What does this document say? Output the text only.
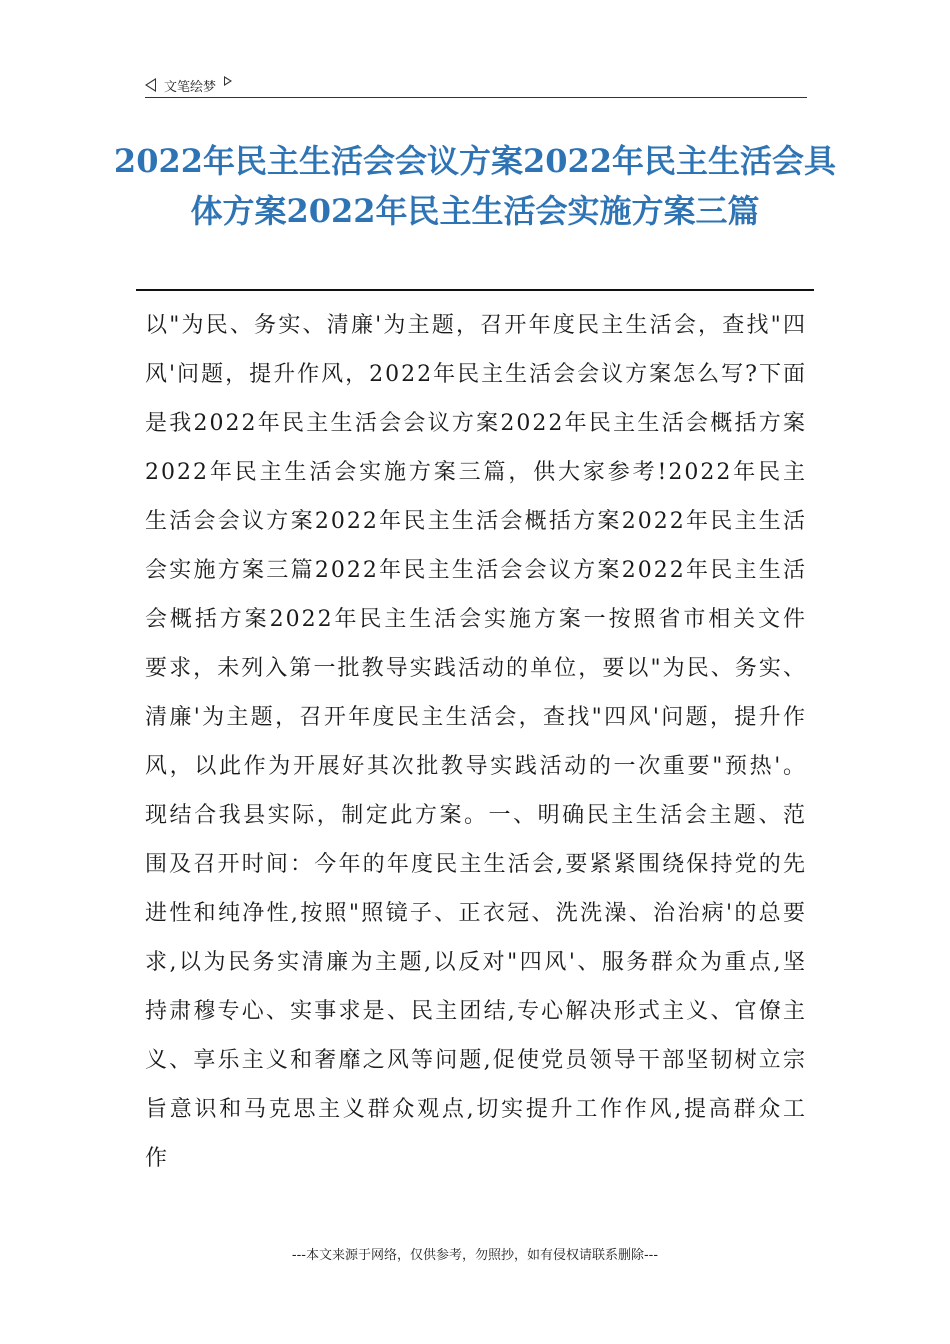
文笔绘梦
2022年民主生活会会议方案2022年民主生活会具体方案2022年民主生活会实施方案三篇
以"为民、务实、清廉'为主题，召开年度民主生活会，查找"四风'问题，提升作风，2022年民主生活会会议方案怎么写?下面是我2022年民主生活会会议方案2022年民主生活会概括方案2022年民主生活会实施方案三篇，供大家参考!2022年民主生活会会议方案2022年民主生活会概括方案2022年民主生活会实施方案三篇2022年民主生活会会议方案2022年民主生活会概括方案2022年民主生活会实施方案一按照省市相关文件要求，未列入第一批教导实践活动的单位，要以"为民、务实、清廉'为主题，召开年度民主生活会，查找"四风'问题，提升作风，以此作为开展好其次批教导实践活动的一次重要"预热'。现结合我县实际，制定此方案。一、明确民主生活会主题、范围及召开时间：今年的年度民主生活会,要紧紧围绕保持党的先进性和纯净性,按照"照镜子、正衣冠、洗洗澡、治治病'的总要求,以为民务实清廉为主题,以反对"四风'、服务群众为重点,坚持肃穆专心、实事求是、民主团结,专心解决形式主义、官僚主义、享乐主义和奢靡之风等问题,促使党员领导干部坚韧树立宗旨意识和马克思主义群众观点,切实提升工作作风,提高群众工作
---本文来源于网络，仅供参考，勿照抄，如有侵权请联系删除---
